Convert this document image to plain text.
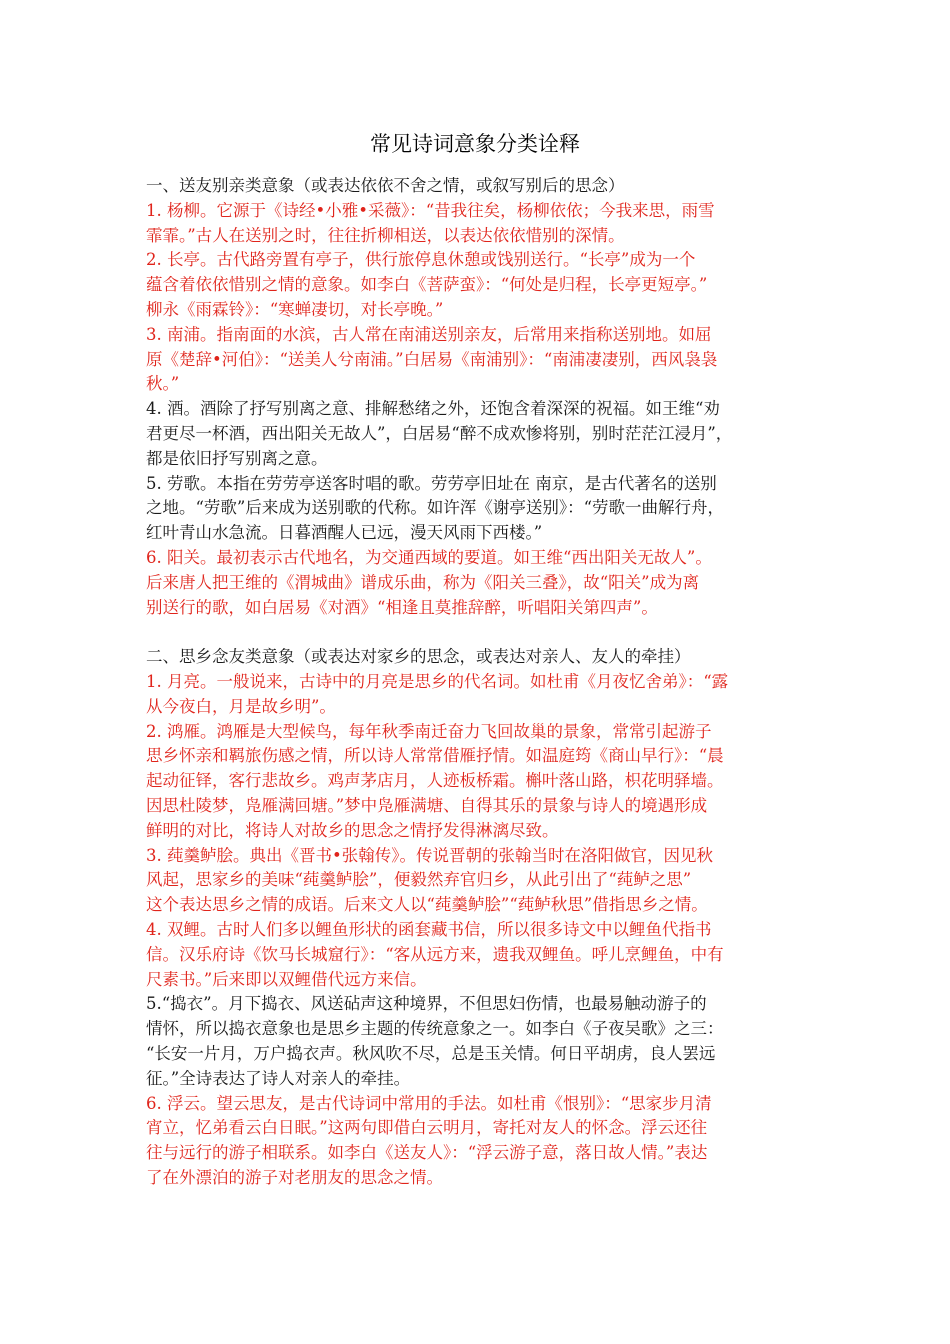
常见诗词意象分类诠释
一、送友别亲类意象（或表达依依不舍之情，或叙写别后的思念）
1. 杨柳。它源于《诗经•小雅•采薇》：“昔我往矣，杨柳依依；今我来思，雨雪
霏霏。”古人在送别之时，往往折柳相送，以表达依依惜别的深情。
2. 长亭。古代路旁置有亭子，供行旅停息休憩或饯别送行。“长亭”成为一个
蕴含着依依惜别之情的意象。如李白《菩萨蛮》：“何处是归程，长亭更短亭。”
柳永《雨霖铃》：“寒蝉凄切，对长亭晚。”
3. 南浦。指南面的水滨，古人常在南浦送别亲友，后常用来指称送别地。如屈
原《楚辞•河伯》：“送美人兮南浦。”白居易《南浦别》：“南浦凄凄别，西风袅袅
秋。”
4. 酒。酒除了抒写别离之意、排解愁绪之外，还饱含着深深的祝福。如王维“劝
君更尽一杯酒，西出阳关无故人”，白居易“醉不成欢惨将别，别时茫茫江浸月”，
都是依旧抒写别离之意。
5. 劳歌。本指在劳劳亭送客时唱的歌。劳劳亭旧址在 南京，是古代著名的送别
之地。“劳歌”后来成为送别歌的代称。如许浑《谢亭送别》：“劳歌一曲解行舟，
红叶青山水急流。日暮酒醒人已远，漫天风雨下西楼。”
6. 阳关。最初表示古代地名，为交通西域的要道。如王维“西出阳关无故人”。
后来唐人把王维的《渭城曲》谱成乐曲，称为《阳关三叠》，故“阳关”成为离
别送行的歌，如白居易《对酒》“相逢且莫推辞醉，听唱阳关第四声”。
二、思乡念友类意象（或表达对家乡的思念，或表达对亲人、友人的牵挂）
1. 月亮。一般说来，古诗中的月亮是思乡的代名词。如杜甫《月夜忆舍弟》：“露
从今夜白，月是故乡明”。
2. 鸿雁。鸿雁是大型候鸟，每年秋季南迁奋力飞回故巢的景象，常常引起游子
思乡怀亲和羁旅伤感之情，所以诗人常常借雁抒情。如温庭筠《商山早行》：“晨
起动征铎，客行悲故乡。鸡声茅店月，人迹板桥霜。槲叶落山路，枳花明驿墙。
因思杜陵梦，凫雁满回塘。”梦中凫雁满塘、自得其乐的景象与诗人的境遇形成
鲜明的对比，将诗人对故乡的思念之情抒发得淋漓尽致。
3. 莼羹鲈脍。典出《晋书•张翰传》。传说晋朝的张翰当时在洛阳做官，因见秋
风起，思家乡的美味“莼羹鲈脍”，便毅然弃官归乡，从此引出了“莼鲈之思”
这个表达思乡之情的成语。后来文人以“莼羹鲈脍”“莼鲈秋思”借指思乡之情。
4. 双鲤。古时人们多以鲤鱼形状的函套藏书信，所以很多诗文中以鲤鱼代指书
信。汉乐府诗《饮马长城窟行》：“客从远方来，遗我双鲤鱼。呼儿烹鲤鱼，中有
尺素书。”后来即以双鲤借代远方来信。
5.“捣衣”。月下捣衣、风送砧声这种境界，不但思妇伤情，也最易触动游子的
情怀，所以捣衣意象也是思乡主题的传统意象之一。如李白《子夜吴歌》之三：
“长安一片月，万户捣衣声。秋风吹不尽，总是玉关情。何日平胡虏，良人罢远
征。”全诗表达了诗人对亲人的牵挂。
6. 浮云。望云思友，是古代诗词中常用的手法。如杜甫《恨别》：“思家步月清
宵立，忆弟看云白日眠。”这两句即借白云明月，寄托对友人的怀念。浮云还往
往与远行的游子相联系。如李白《送友人》：“浮云游子意，落日故人情。”表达
了在外漂泊的游子对老朋友的思念之情。
